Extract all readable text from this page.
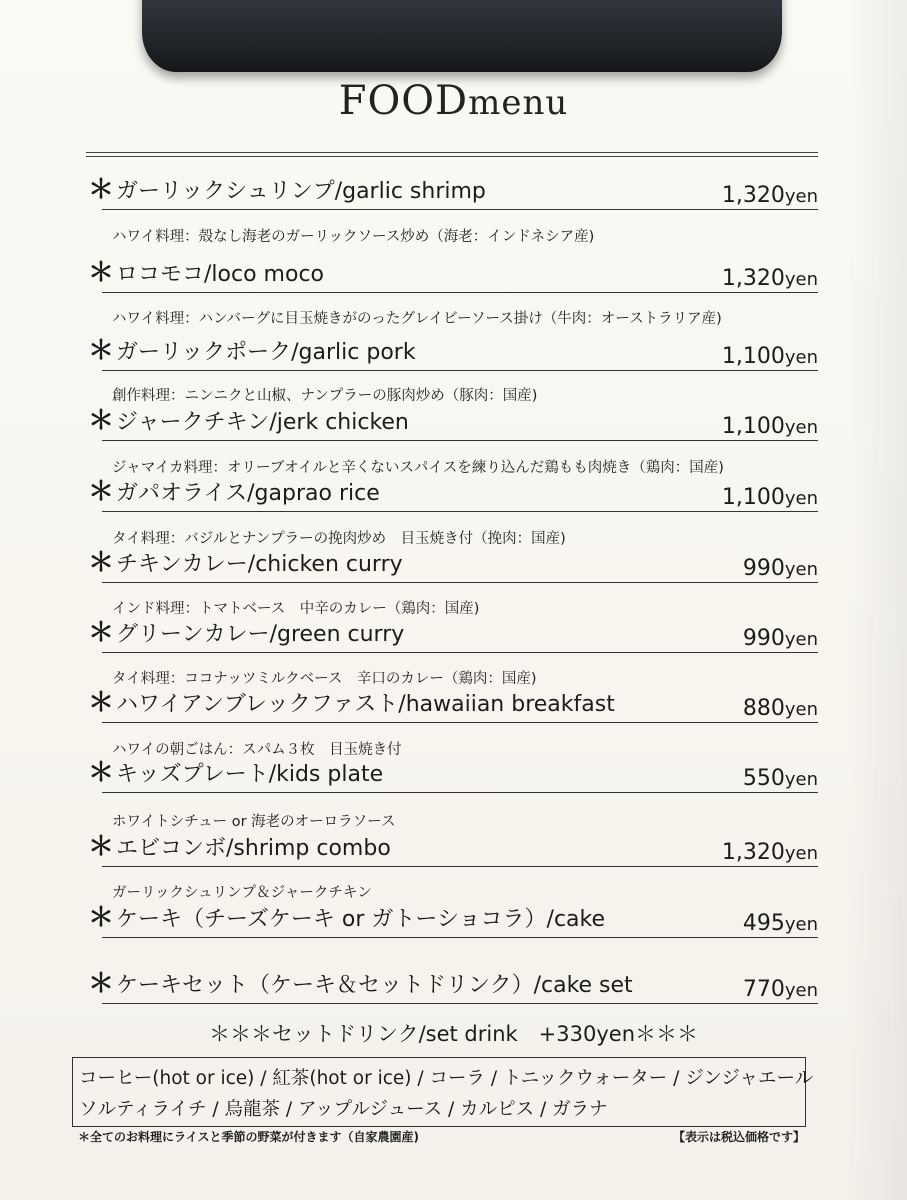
FOODmenu
＊ガーリックシュリンプ/garlic shrimp	1,320yen
ハワイ料理：殻なし海老のガーリックソース炒め（海老：インドネシア産)
＊ロコモコ/loco moco	1,320yen
ハワイ料理：ハンバーグに目玉焼きがのったグレイビーソース掛け（牛肉：オーストラリア産)
＊ガーリックポーク/garlic pork	1,100yen
創作料理：ニンニクと山椒、ナンプラーの豚肉炒め（豚肉：国産)
＊ジャークチキン/jerk chicken	1,100yen
ジャマイカ料理：オリーブオイルと辛くないスパイスを練り込んだ鶏もも肉焼き（鶏肉：国産)
＊ガパオライス/gaprao rice	1,100yen
タイ料理：バジルとナンプラーの挽肉炒め　目玉焼き付（挽肉：国産)
＊チキンカレー/chicken curry	990yen
インド料理：トマトベース　中辛のカレー（鶏肉：国産)
＊グリーンカレー/green curry	990yen
タイ料理：ココナッツミルクベース　辛口のカレー（鶏肉：国産)
＊ハワイアンブレックファスト/hawaiian breakfast	880yen
ハワイの朝ごはん：スパム３枚　目玉焼き付
＊キッズプレート/kids plate	550yen
ホワイトシチュー or 海老のオーロラソース
＊エビコンボ/shrimp combo	1,320yen
ガーリックシュリンプ＆ジャークチキン
＊ケーキ（チーズケーキ or ガトーショコラ）/cake	495yen
＊ケーキセット（ケーキ＆セットドリンク）/cake set	770yen
＊＊＊セットドリンク/set drink　+330yen＊＊＊
コーヒー(hot or ice) / 紅茶(hot or ice) / コーラ / トニックウォーター / ジンジャエール
ソルティライチ / 烏龍茶 / アップルジュース / カルピス / ガラナ
＊全てのお料理にライスと季節の野菜が付きます（自家農園産)	【表示は税込価格です】
